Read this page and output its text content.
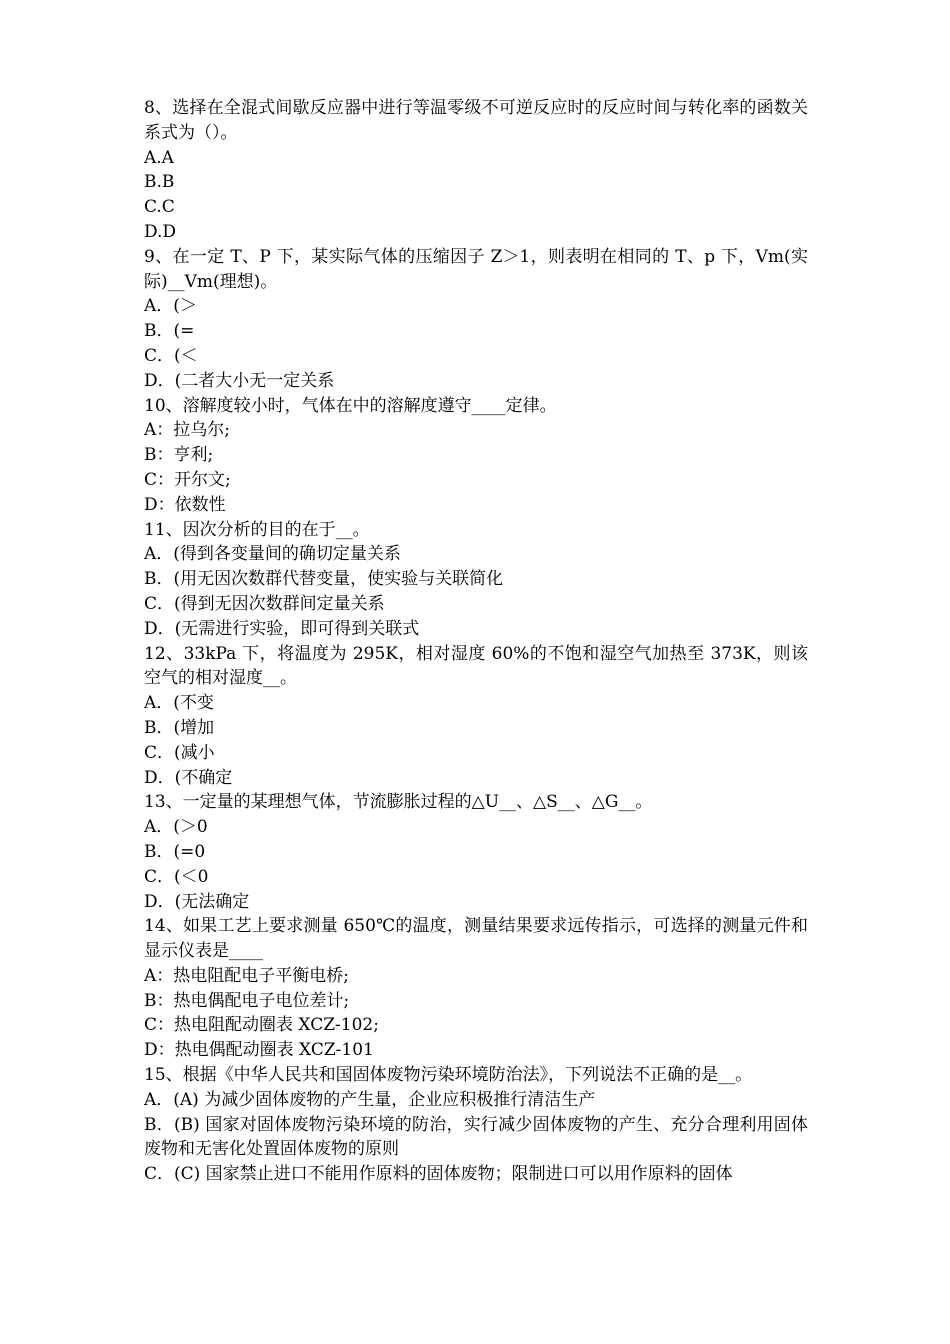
8、选择在全混式间歇反应器中进行等温零级不可逆反应时的反应时间与转化率的函数关系式为（）。

A.A

B.B

C.C

D.D

9、在一定 T、P 下，某实际气体的压缩因子 Z＞1，则表明在相同的 T、p 下，Vm(实际)__Vm(理想)。

A．(＞

B．(=

C．(＜

D．(二者大小无一定关系

10、溶解度较小时，气体在中的溶解度遵守____定律。

A：拉乌尔;

B：亨利;

C：开尔文;

D：依数性

11、因次分析的目的在于__。

A．(得到各变量间的确切定量关系

B．(用无因次数群代替变量，使实验与关联简化

C．(得到无因次数群间定量关系

D．(无需进行实验，即可得到关联式

12、33kPa 下，将温度为 295K，相对湿度 60%的不饱和湿空气加热至 373K，则该空气的相对湿度__。

A．(不变

B．(增加

C．(减小

D．(不确定

13、一定量的某理想气体，节流膨胀过程的△U__、△S__、△G__。

A．(＞0

B．(=0

C．(＜0

D．(无法确定

14、如果工艺上要求测量 650℃的温度，测量结果要求远传指示，可选择的测量元件和显示仪表是____

A：热电阻配电子平衡电桥;

B：热电偶配电子电位差计;

C：热电阻配动圈表 XCZ-102;

D：热电偶配动圈表 XCZ-101

15、根据《中华人民共和国固体废物污染环境防治法》，下列说法不正确的是__。

A．(A) 为减少固体废物的产生量，企业应积极推行清洁生产

B．(B) 国家对固体废物污染环境的防治，实行减少固体废物的产生、充分合理利用固体废物和无害化处置固体废物的原则

C．(C) 国家禁止进口不能用作原料的固体废物；限制进口可以用作原料的固体
